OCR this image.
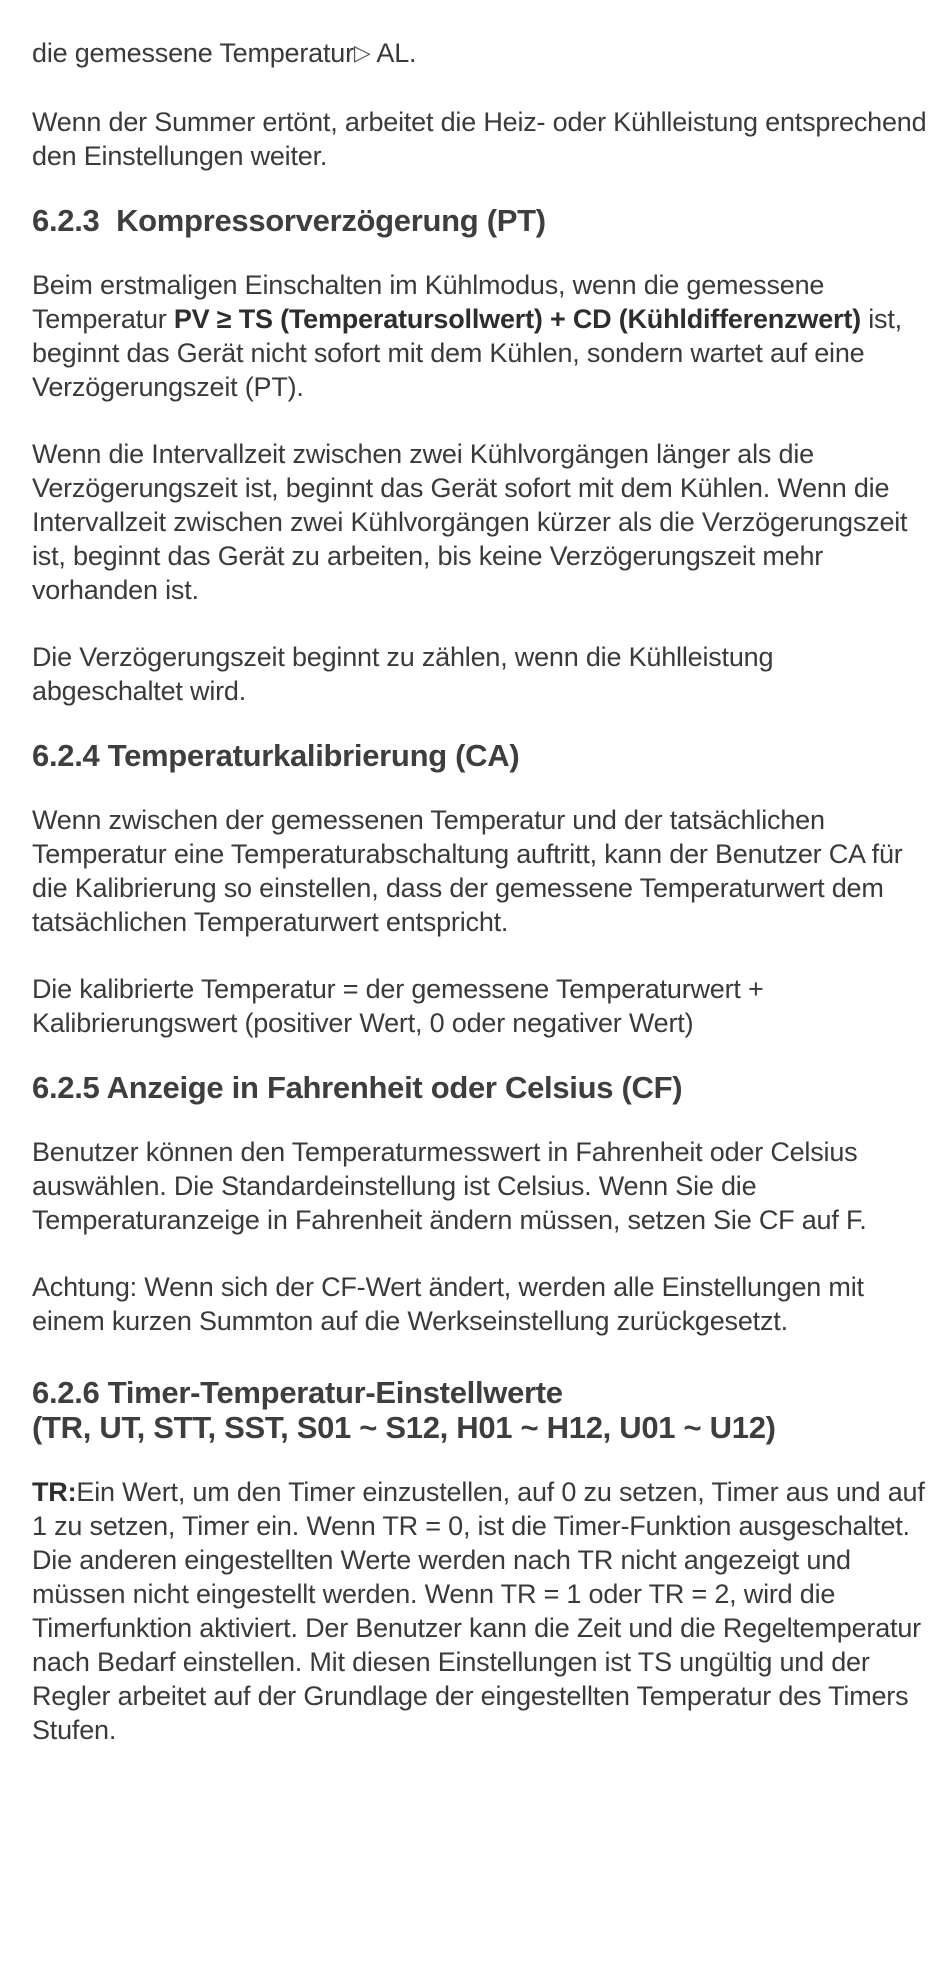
die gemessene Temperatur▷ AL.

Wenn der Summer ertönt, arbeitet die Heiz- oder Kühlleistung entsprechend den Einstellungen weiter.

6.2.3  Kompressorverzögerung (PT)

Beim erstmaligen Einschalten im Kühlmodus, wenn die gemessene Temperatur PV ≥ TS (Temperatursollwert) + CD (Kühldifferenzwert) ist, beginnt das Gerät nicht sofort mit dem Kühlen, sondern wartet auf eine Verzögerungszeit (PT).

Wenn die Intervallzeit zwischen zwei Kühlvorgängen länger als die Verzögerungszeit ist, beginnt das Gerät sofort mit dem Kühlen. Wenn die Intervallzeit zwischen zwei Kühlvorgängen kürzer als die Verzögerungszeit ist, beginnt das Gerät zu arbeiten, bis keine Verzögerungszeit mehr vorhanden ist.

Die Verzögerungszeit beginnt zu zählen, wenn die Kühlleistung abgeschaltet wird.

6.2.4 Temperaturkalibrierung (CA)

Wenn zwischen der gemessenen Temperatur und der tatsächlichen Temperatur eine Temperaturabschaltung auftritt, kann der Benutzer CA für die Kalibrierung so einstellen, dass der gemessene Temperaturwert dem tatsächlichen Temperaturwert entspricht.

Die kalibrierte Temperatur = der gemessene Temperaturwert + Kalibrierungswert (positiver Wert, 0 oder negativer Wert)

6.2.5 Anzeige in Fahrenheit oder Celsius (CF)

Benutzer können den Temperaturmesswert in Fahrenheit oder Celsius auswählen. Die Standardeinstellung ist Celsius. Wenn Sie die Temperaturanzeige in Fahrenheit ändern müssen, setzen Sie CF auf F.

Achtung: Wenn sich der CF-Wert ändert, werden alle Einstellungen mit einem kurzen Summton auf die Werkseinstellung zurückgesetzt.

6.2.6 Timer-Temperatur-Einstellwerte
(TR, UT, STT, SST, S01 ~ S12, H01 ~ H12, U01 ~ U12)

TR:Ein Wert, um den Timer einzustellen, auf 0 zu setzen, Timer aus und auf 1 zu setzen, Timer ein. Wenn TR = 0, ist die Timer-Funktion ausgeschaltet. Die anderen eingestellten Werte werden nach TR nicht angezeigt und müssen nicht eingestellt werden. Wenn TR = 1 oder TR = 2, wird die Timerfunktion aktiviert. Der Benutzer kann die Zeit und die Regeltemperatur nach Bedarf einstellen. Mit diesen Einstellungen ist TS ungültig und der Regler arbeitet auf der Grundlage der eingestellten Temperatur des Timers Stufen.
